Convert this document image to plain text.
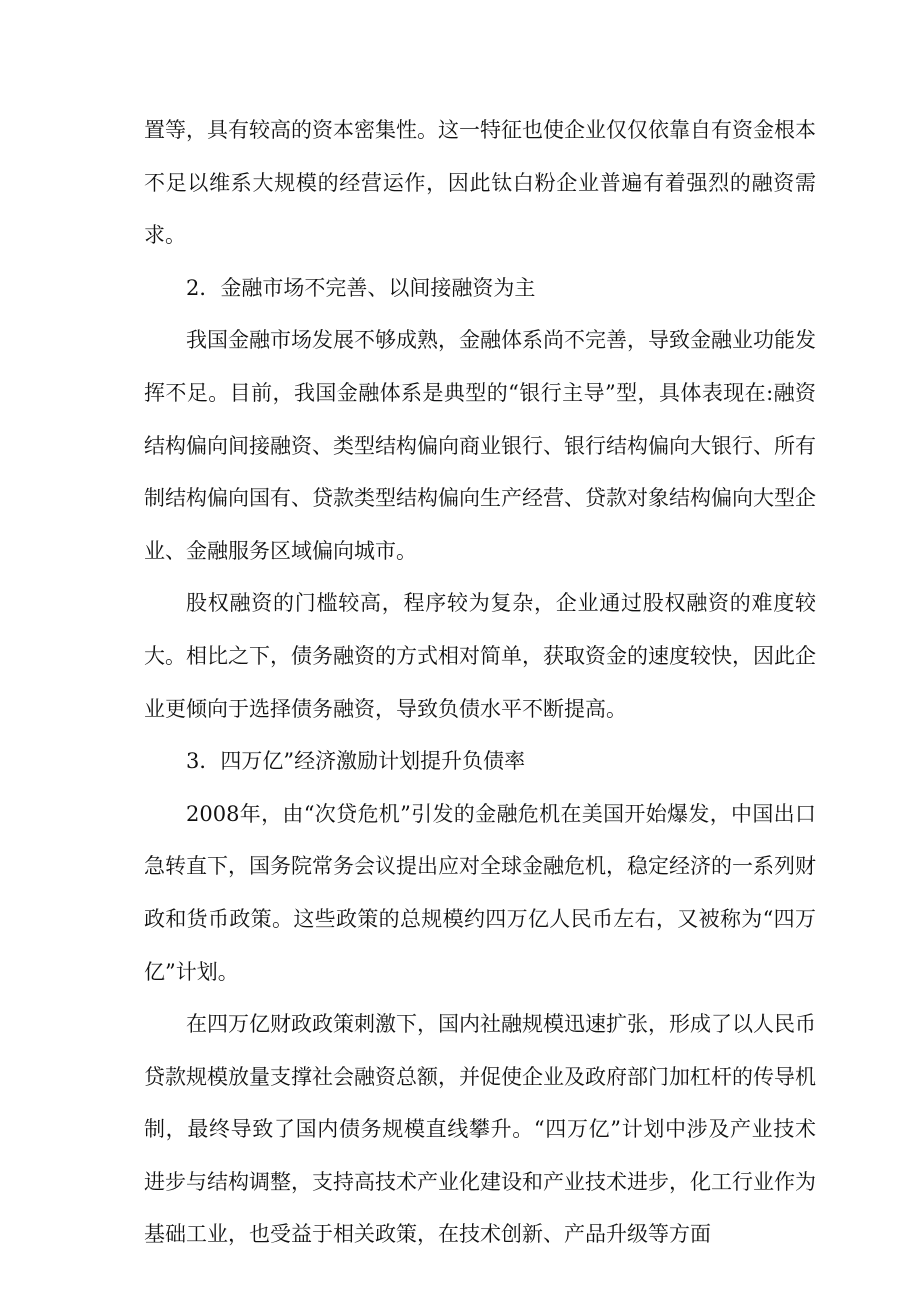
置等，具有较高的资本密集性。这一特征也使企业仅仅依靠自有资金根本不足以维系大规模的经营运作，因此钛白粉企业普遍有着强烈的融资需求。

2．金融市场不完善、以间接融资为主

我国金融市场发展不够成熟，金融体系尚不完善，导致金融业功能发挥不足。目前，我国金融体系是典型的“银行主导”型，具体表现在:融资结构偏向间接融资、类型结构偏向商业银行、银行结构偏向大银行、所有制结构偏向国有、贷款类型结构偏向生产经营、贷款对象结构偏向大型企业、金融服务区域偏向城市。

股权融资的门槛较高，程序较为复杂，企业通过股权融资的难度较大。相比之下，债务融资的方式相对简单，获取资金的速度较快，因此企业更倾向于选择债务融资，导致负债水平不断提高。

3．四万亿”经济激励计划提升负债率

2008年，由“次贷危机”引发的金融危机在美国开始爆发，中国出口急转直下，国务院常务会议提出应对全球金融危机，稳定经济的一系列财政和货币政策。这些政策的总规模约四万亿人民币左右，又被称为“四万亿”计划。

在四万亿财政政策刺激下，国内社融规模迅速扩张，形成了以人民币贷款规模放量支撑社会融资总额，并促使企业及政府部门加杠杆的传导机制，最终导致了国内债务规模直线攀升。“四万亿”计划中涉及产业技术进步与结构调整，支持高技术产业化建设和产业技术进步，化工行业作为基础工业，也受益于相关政策，在技术创新、产品升级等方面
